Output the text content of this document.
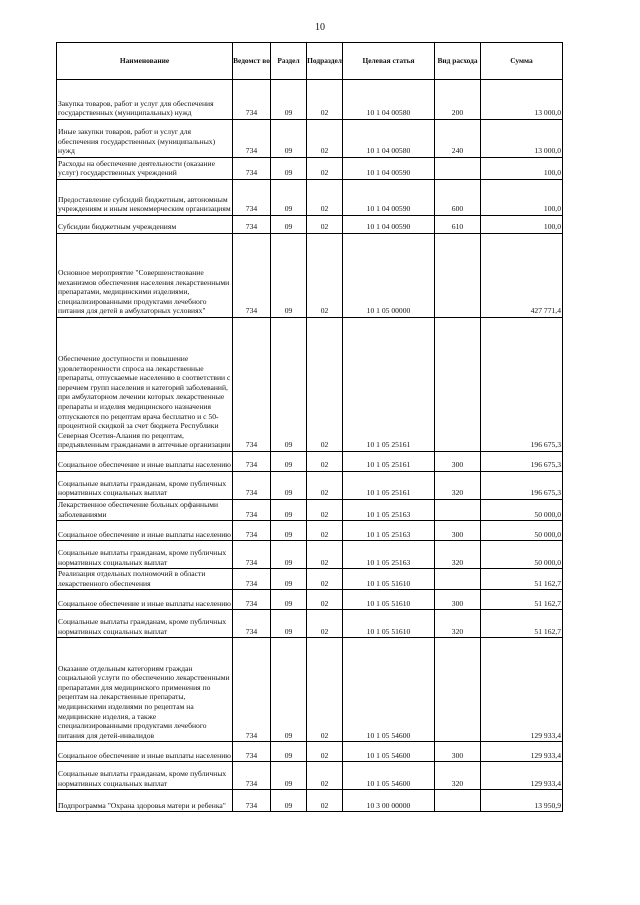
10
Наименование	Ведомст во	Раздел	Подраздел	Целевая статья	Вид расхода	Сумма
Закупка товаров, работ и услуг для обеспечения государственных (муниципальных) нужд	734	09	02	10 1 04 00580	200	13 000,0
Иные закупки товаров, работ и услуг для обеспечения государственных (муниципальных) нужд	734	09	02	10 1 04 00580	240	13 000,0
Расходы на обеспечение деятельности (оказание услуг) государственных учреждений	734	09	02	10 1 04 00590		100,0
Предоставление субсидий бюджетным, автономным учреждениям и иным некоммерческим организациям	734	09	02	10 1 04 00590	600	100,0
Субсидии бюджетным учреждениям	734	09	02	10 1 04 00590	610	100,0
Основное мероприятие "Совершенствование механизмов обеспечения населения лекарственными препаратами, медицинскими изделиями, специализированными продуктами лечебного питания для детей в амбулаторных условиях"	734	09	02	10 1 05 00000		427 771,4
Обеспечение доступности и повышение удовлетворенности спроса на лекарственные препараты, отпускаемые населению в соответствии с перечнем групп населения и категорий заболеваний, при амбулаторном лечении которых лекарственные препараты и изделия медицинского назначения отпускаются по рецептам врача бесплатно и с 50-процентной скидкой за счет бюджета Республики Северная Осетия-Алания по рецептам, предъявленным гражданами в аптечные организации	734	09	02	10 1 05 25161		196 675,3
Социальное обеспечение и иные выплаты населению	734	09	02	10 1 05 25161	300	196 675,3
Социальные выплаты гражданам, кроме публичных нормативных социальных выплат	734	09	02	10 1 05 25161	320	196 675,3
Лекарственное обеспечение больных орфанными заболеваниями	734	09	02	10 1 05 25163		50 000,0
Социальное обеспечение и иные выплаты населению	734	09	02	10 1 05 25163	300	50 000,0
Социальные выплаты гражданам, кроме публичных нормативных социальных выплат	734	09	02	10 1 05 25163	320	50 000,0
Реализация отдельных полномочий в области лекарственного обеспечения	734	09	02	10 1 05 51610		51 162,7
Социальное обеспечение и иные выплаты населению	734	09	02	10 1 05 51610	300	51 162,7
Социальные выплаты гражданам, кроме публичных нормативных социальных выплат	734	09	02	10 1 05 51610	320	51 162,7
Оказание отдельным категориям граждан социальной услуги по обеспечению лекарственными препаратами для медицинского применения по рецептам на лекарственные препараты, медицинскими изделиями по рецептам на медицинские изделия, а также специализированными продуктами лечебного питания для детей-инвалидов	734	09	02	10 1 05 54600		129 933,4
Социальное обеспечение и иные выплаты населению	734	09	02	10 1 05 54600	300	129 933,4
Социальные выплаты гражданам, кроме публичных нормативных социальных выплат	734	09	02	10 1 05 54600	320	129 933,4
Подпрограмма "Охрана здоровья матери и ребенка"	734	09	02	10 3 00 00000		13 950,9
